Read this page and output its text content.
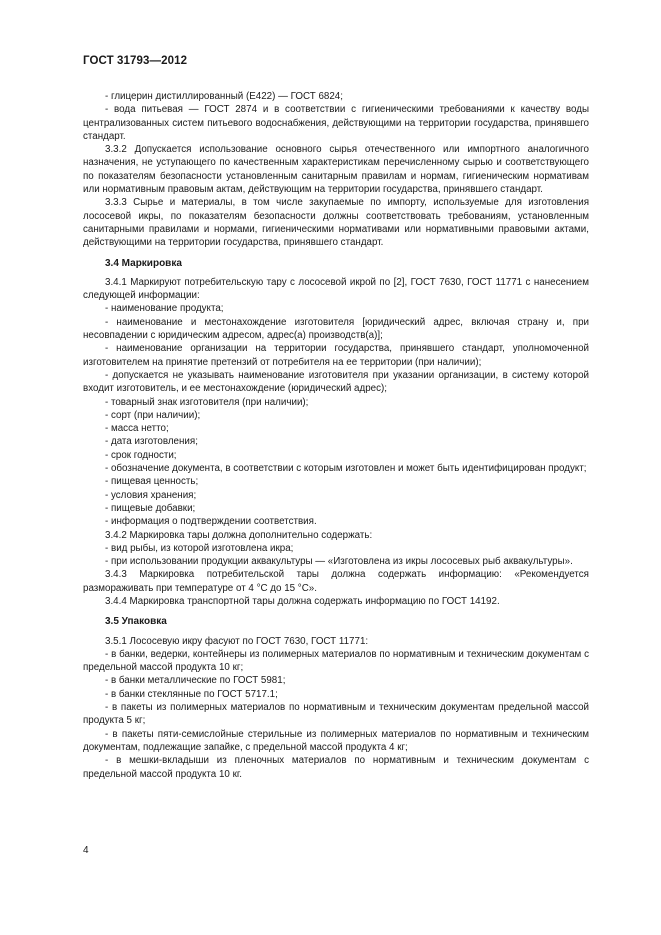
ГОСТ 31793—2012

- глицерин дистиллированный (Е422) — ГОСТ 6824;

- вода питьевая — ГОСТ 2874 и в соответствии с гигиеническими требованиями к качеству воды централизованных систем питьевого водоснабжения, действующими на территории государства, принявшего стандарт.

3.3.2 Допускается использование основного сырья отечественного или импортного аналогичного назначения, не уступающего по качественным характеристикам перечисленному сырью и соответствующего по показателям безопасности установленным санитарным правилам и нормам, гигиеническим нормативам или нормативным правовым актам, действующим на территории государства, принявшего стандарт.

3.3.3 Сырье и материалы, в том числе закупаемые по импорту, используемые для изготовления лососевой икры, по показателям безопасности должны соответствовать требованиям, установленным санитарными правилами и нормами, гигиеническими нормативами или нормативными правовыми актами, действующими на территории государства, принявшего стандарт.

3.4 Маркировка

3.4.1 Маркируют потребительскую тару с лососевой икрой по [2], ГОСТ 7630, ГОСТ 11771 с нанесением следующей информации:

- наименование продукта;

- наименование и местонахождение изготовителя [юридический адрес, включая страну и, при несовпадении с юридическим адресом, адрес(а) производств(а)];

- наименование организации на территории государства, принявшего стандарт, уполномоченной изготовителем на принятие претензий от потребителя на ее территории (при наличии);

- допускается не указывать наименование изготовителя при указании организации, в систему которой входит изготовитель, и ее местонахождение (юридический адрес);

- товарный знак изготовителя (при наличии);

- сорт (при наличии);

- масса нетто;

- дата изготовления;

- срок годности;

- обозначение документа, в соответствии с которым изготовлен и может быть идентифицирован продукт;

- пищевая ценность;

- условия хранения;

- пищевые добавки;

- информация о подтверждении соответствия.

3.4.2 Маркировка тары должна дополнительно содержать:

- вид рыбы, из которой изготовлена икра;

- при использовании продукции аквакультуры — «Изготовлена из икры лососевых рыб аквакультуры».

3.4.3 Маркировка потребительской тары должна содержать информацию: «Рекомендуется размораживать при температуре от 4 °С до 15 °С».

3.4.4 Маркировка транспортной тары должна содержать информацию по ГОСТ 14192.

3.5 Упаковка

3.5.1 Лососевую икру фасуют по ГОСТ 7630, ГОСТ 11771:

- в банки, ведерки, контейнеры из полимерных материалов по нормативным и техническим документам с предельной массой продукта 10 кг;

- в банки металлические по ГОСТ 5981;

- в банки стеклянные по ГОСТ 5717.1;

- в пакеты из полимерных материалов по нормативным и техническим документам предельной массой продукта 5 кг;

- в пакеты пяти-семислойные стерильные из полимерных материалов по нормативным и техническим документам, подлежащие запайке, с предельной массой продукта 4 кг;

- в мешки-вкладыши из пленочных материалов по нормативным и техническим документам с предельной массой продукта 10 кг.

4
